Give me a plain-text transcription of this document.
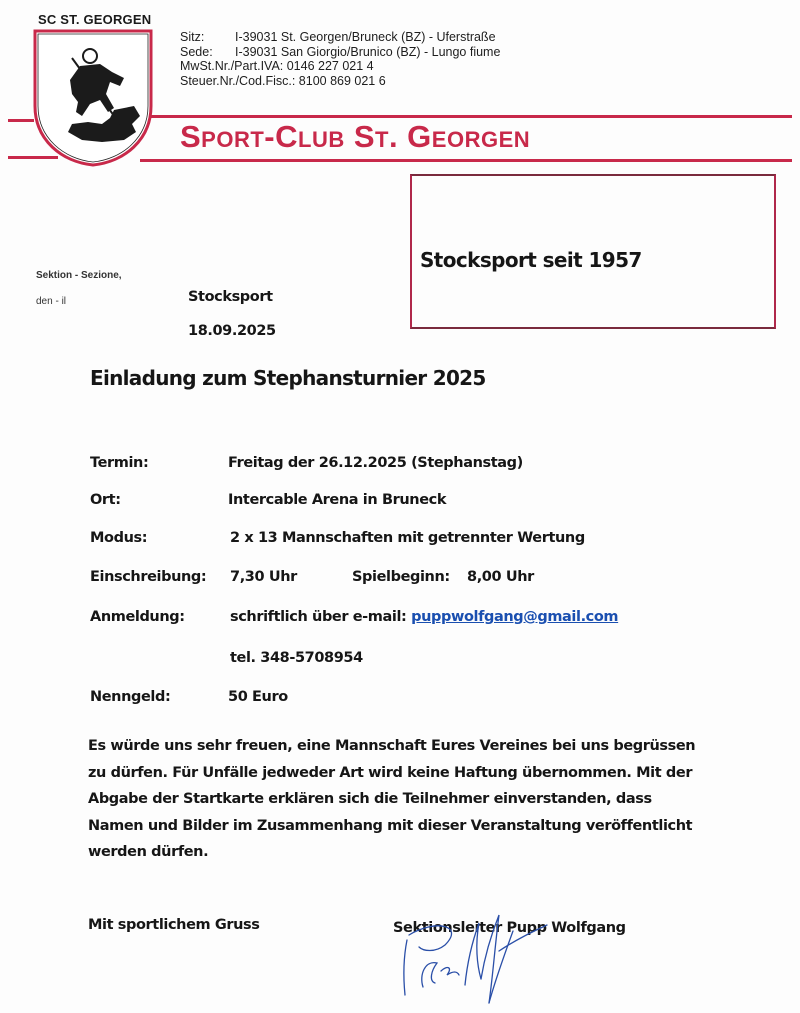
SC ST. GEORGEN
Sitz: I-39031 St. Georgen/Bruneck (BZ) - Uferstraße
Sede: I-39031 San Giorgio/Brunico (BZ) - Lungo fiume
MwSt.Nr./Part.IVA: 0146 227 021 4
Steuer.Nr./Cod.Fisc.: 8100 869 021 6
Sport-Club St. Georgen
Stocksport seit 1957
Sektion - Sezione,
den - il	Stocksport
18.09.2025
Einladung zum Stephansturnier 2025
Termin:	Freitag der 26.12.2025 (Stephanstag)
Ort:	Intercable Arena in Bruneck
Modus:	2 x 13 Mannschaften mit getrennter Wertung
Einschreibung: 7,30 Uhr	Spielbeginn: 8,00 Uhr
Anmeldung:	schriftlich über e-mail: puppwolfgang@gmail.com
tel. 348-5708954
Nenngeld:	50 Euro
Es würde uns sehr freuen, eine Mannschaft Eures Vereines bei uns begrüssen
zu dürfen. Für Unfälle jedweder Art wird keine Haftung übernommen. Mit der
Abgabe der Startkarte erklären sich die Teilnehmer einverstanden, dass
Namen und Bilder im Zusammenhang mit dieser Veranstaltung veröffentlicht
werden dürfen.
Mit sportlichem Gruss	Sektionsleiter Pupp Wolfgang
